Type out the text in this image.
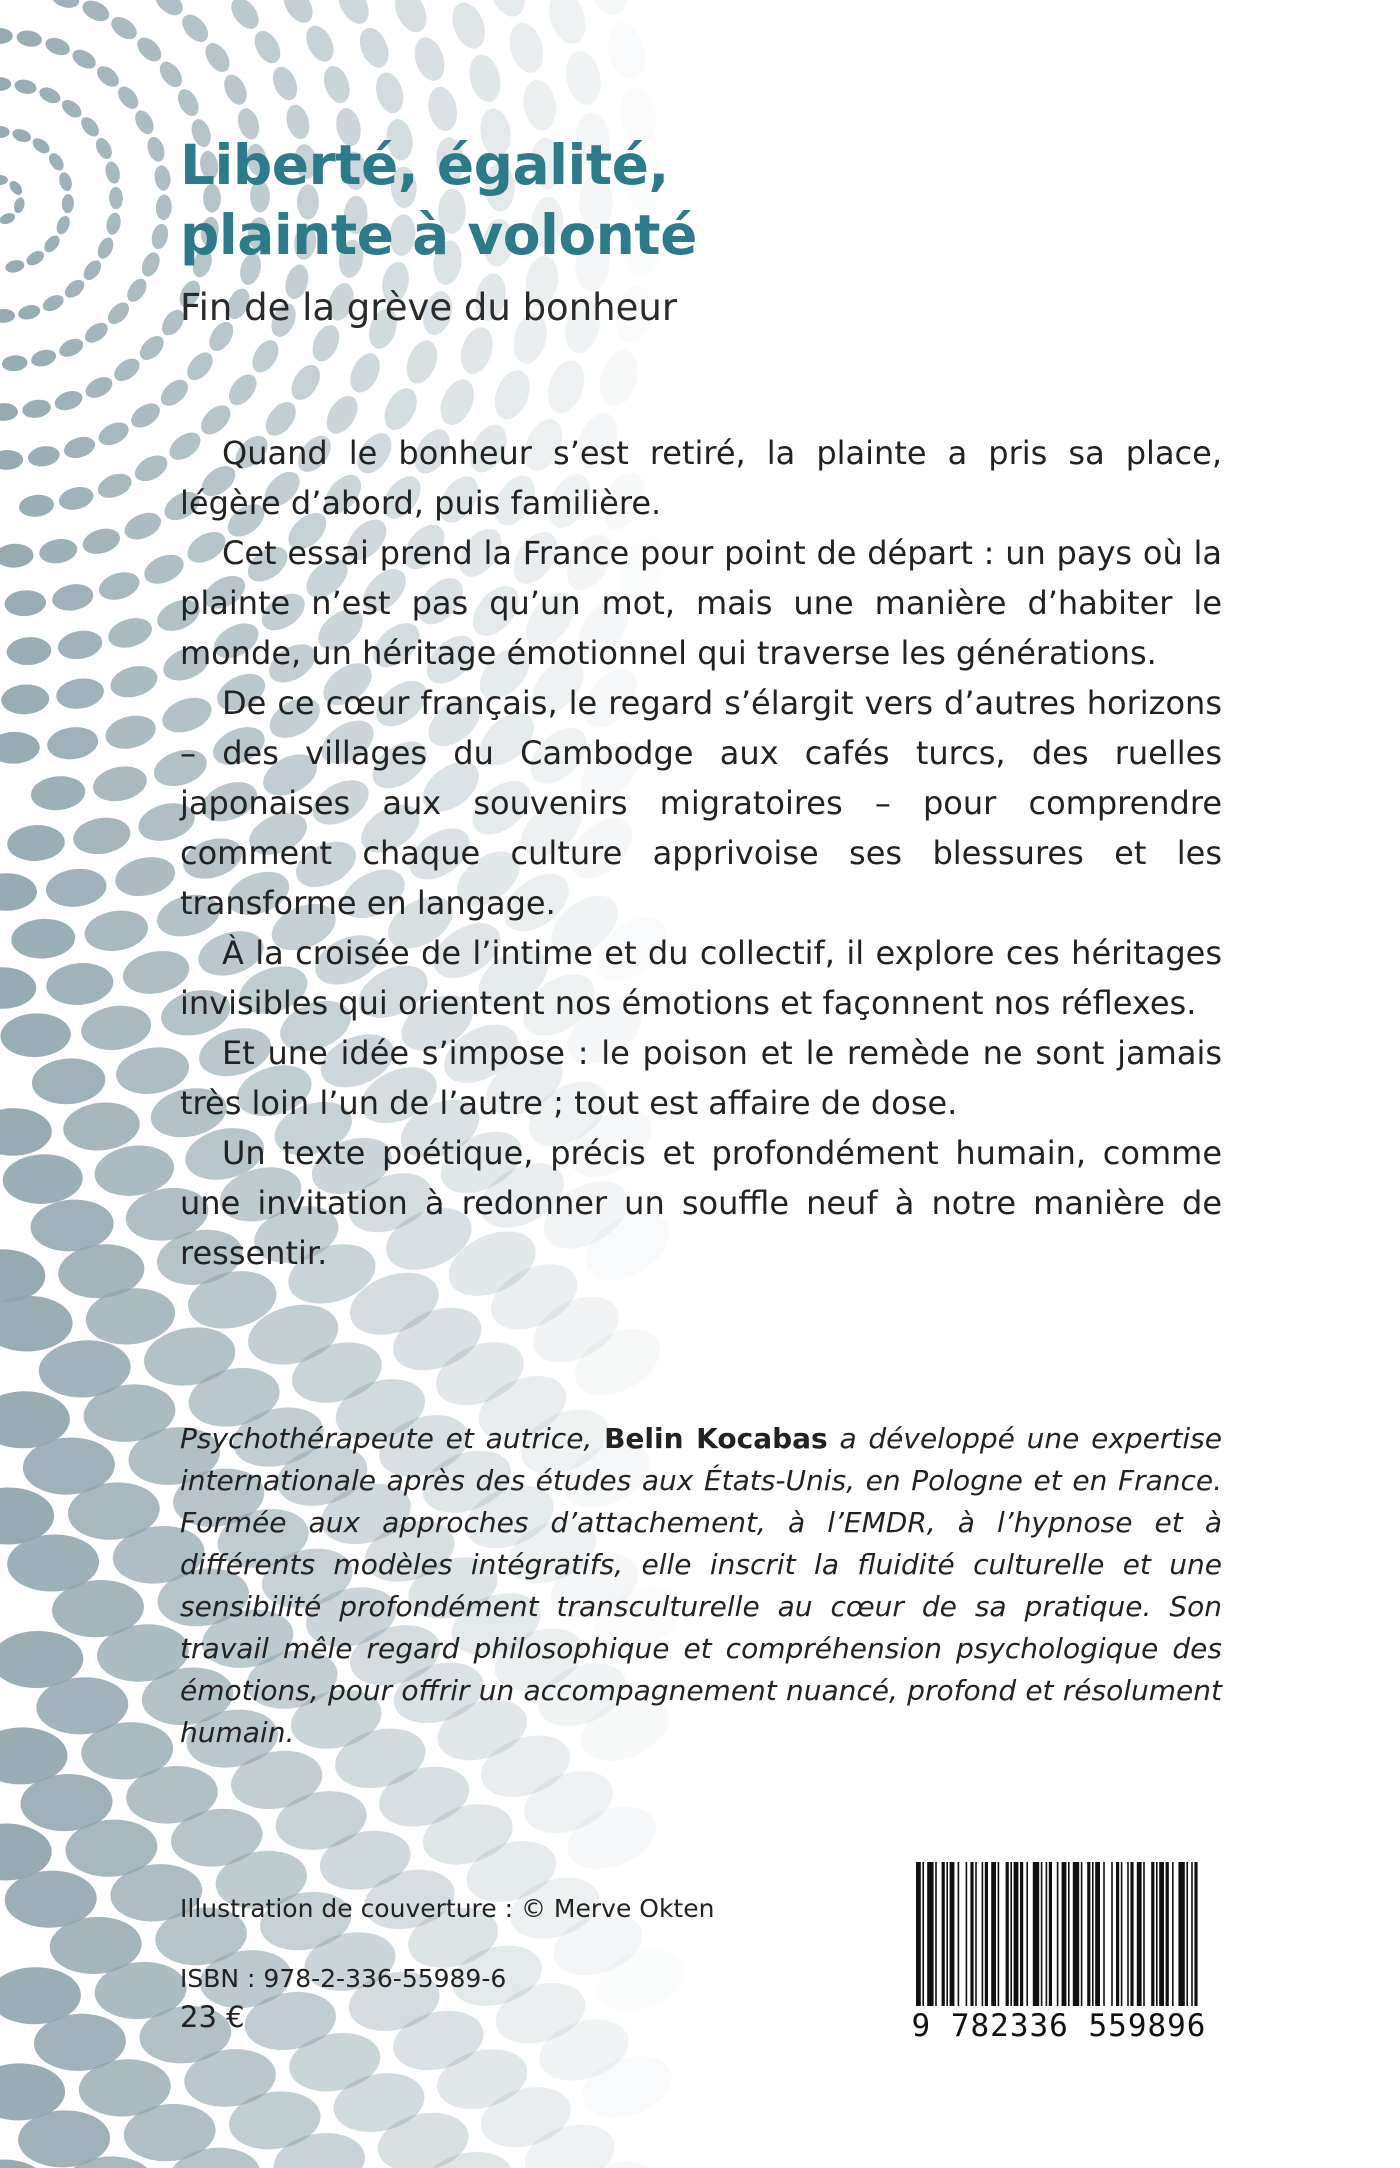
Liberté, égalité,
plainte à volonté
Fin de la grève du bonheur

Quand le bonheur s’est retiré, la plainte a pris sa place, légère d’abord, puis familière.

Cet essai prend la France pour point de départ : un pays où la plainte n’est pas qu’un mot, mais une manière d’habiter le monde, un héritage émotionnel qui traverse les générations.

De ce cœur français, le regard s’élargit vers d’autres horizons – des villages du Cambodge aux cafés turcs, des ruelles japonaises aux souvenirs migratoires – pour comprendre comment chaque culture apprivoise ses blessures et les transforme en langage.

À la croisée de l’intime et du collectif, il explore ces héritages invisibles qui orientent nos émotions et façonnent nos réflexes.

Et une idée s’impose : le poison et le remède ne sont jamais très loin l’un de l’autre ; tout est affaire de dose.

Un texte poétique, précis et profondément humain, comme une invitation à redonner un souffle neuf à notre manière de ressentir.

Psychothérapeute et autrice, Belin Kocabas a développé une expertise internationale après des études aux États-Unis, en Pologne et en France. Formée aux approches d’attachement, à l’EMDR, à l’hypnose et à différents modèles intégratifs, elle inscrit la fluidité culturelle et une sensibilité profondément transculturelle au cœur de sa pratique. Son travail mêle regard philosophique et compréhension psychologique des émotions, pour offrir un accompagnement nuancé, profond et résolument humain.
Illustration de couverture : © Merve Okten
ISBN : 978-2-336-55989-6
23 €	9 782336 559896
